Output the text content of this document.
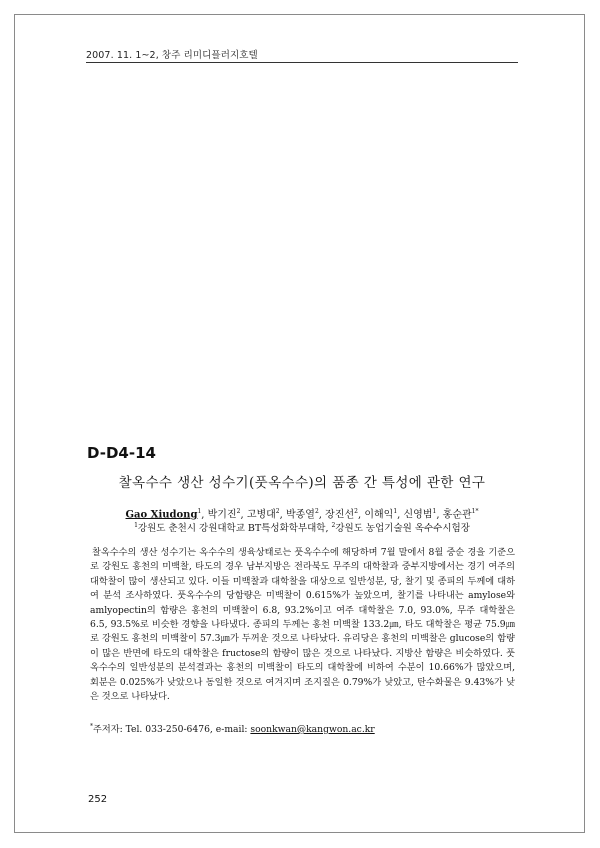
2007. 11. 1~2, 창주 리미디플러지호텔
D-D4-14
찰옥수수 생산 성수기(풋옥수수)의 품종 간 특성에 관한 연구
Gao Xiudong$^1$, 박기진$^2$, 고병대$^2$, 박종열$^2$, 장진선$^2$, 이해익$^1$, 신영범$^1$, 홍순관$^{1*}$
$^1$강원도 춘천시 강원대학교 BT특성화학부대학, $^2$강원도 농업기술원 옥수수시험장
찰옥수수의 생산 성수기는 옥수수의 생육상태로는 풋옥수수에 해당하며 7월 말에서 8월 중순 경을 기준으로 강원도 홍천의 미백찰, 타도의 경우 남부지방은 전라북도 무주의 대학찰과 중부지방에서는 경기 여주의 대학찰이 많이 생산되고 있다. 이들 미백찰과 대학찰을 대상으로 일반성분, 당, 찰기 및 종피의 두께에 대하여 분석 조사하였다. 풋옥수수의 당함량은 미백찰이 0.615%가 높았으며, 찰기를 나타내는 amylose와 amlyopectin의 함량은 홍천의 미백찰이 6.8, 93.2%이고 여주 대학찰은 7.0, 93.0%, 무주 대학찰은 6.5, 93.5%로 비슷한 경향을 나타냈다. 종피의 두께는 홍천 미백찰 133.2㎛, 타도 대학찰은 평균 75.9㎛로 강원도 홍천의 미백찰이 57.3㎛가 두꺼운 것으로 나타났다. 유리당은 홍천의 미백찰은 glucose의 함량이 많은 반면에 타도의 대학찰은 fructose의 함량이 많은 것으로 나타났다. 지방산 함량은 비슷하였다. 풋옥수수의 일반성분의 분석결과는 홍천의 미백찰이 타도의 대학찰에 비하여 수분이 10.66%가 많았으며, 회분은 0.025%가 낮았으나 동일한 것으로 여겨지며 조지질은 0.79%가 낮았고, 탄수화물은 9.43%가 낮은 것으로 나타났다.
*주저자: Tel. 033-250-6476, e-mail: soonkwan@kangwon.ac.kr
252
